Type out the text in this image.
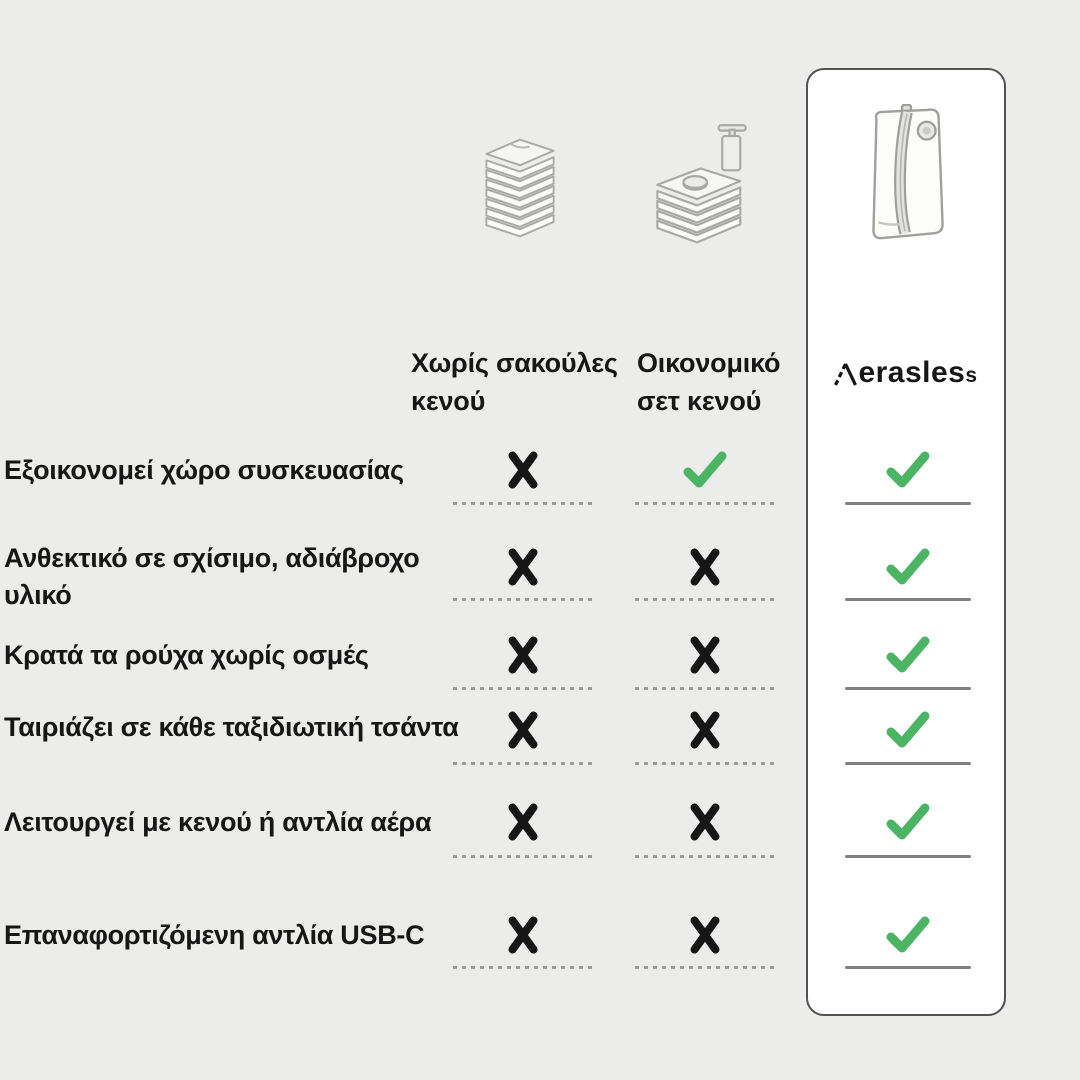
Χωρίς σακούλες κενού
Οικονομικό σετ κενού
erasles s
Εξοικονομεί χώρο συσκευασίας
Ανθεκτικό σε σχίσιμο, αδιάβροχο υλικό
Κρατά τα ρούχα χωρίς οσμές
Ταιριάζει σε κάθε ταξιδιωτική τσάντα
Λειτουργεί με κενού ή αντλία αέρα
Επαναφορτιζόμενη αντλία USB-C
